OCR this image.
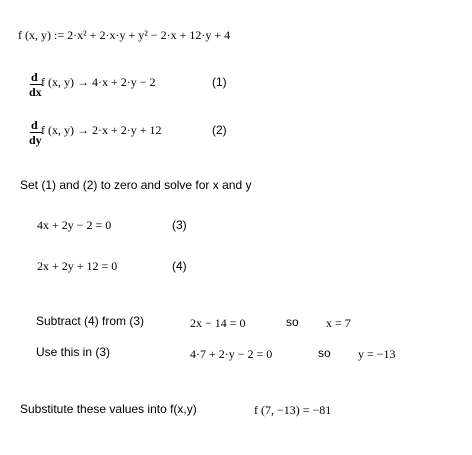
f (x, y) := 2·x² + 2·x·y + y² − 2·x + 12·y + 4
d
dx
f (x, y) → 4·x + 2·y − 2	(1)
d
dy
f (x, y) → 2·x + 2·y + 12	(2)
Set (1) and (2) to zero and solve for x and y
4x + 2y − 2 = 0	(3)
2x + 2y + 12 = 0	(4)
Subtract (4) from (3)	2x − 14 = 0	so x = 7
Use this in (3)	4·7 + 2·y − 2 = 0	so y = −13
Substitute these values into f(x,y)	f (7, −13) = −81
